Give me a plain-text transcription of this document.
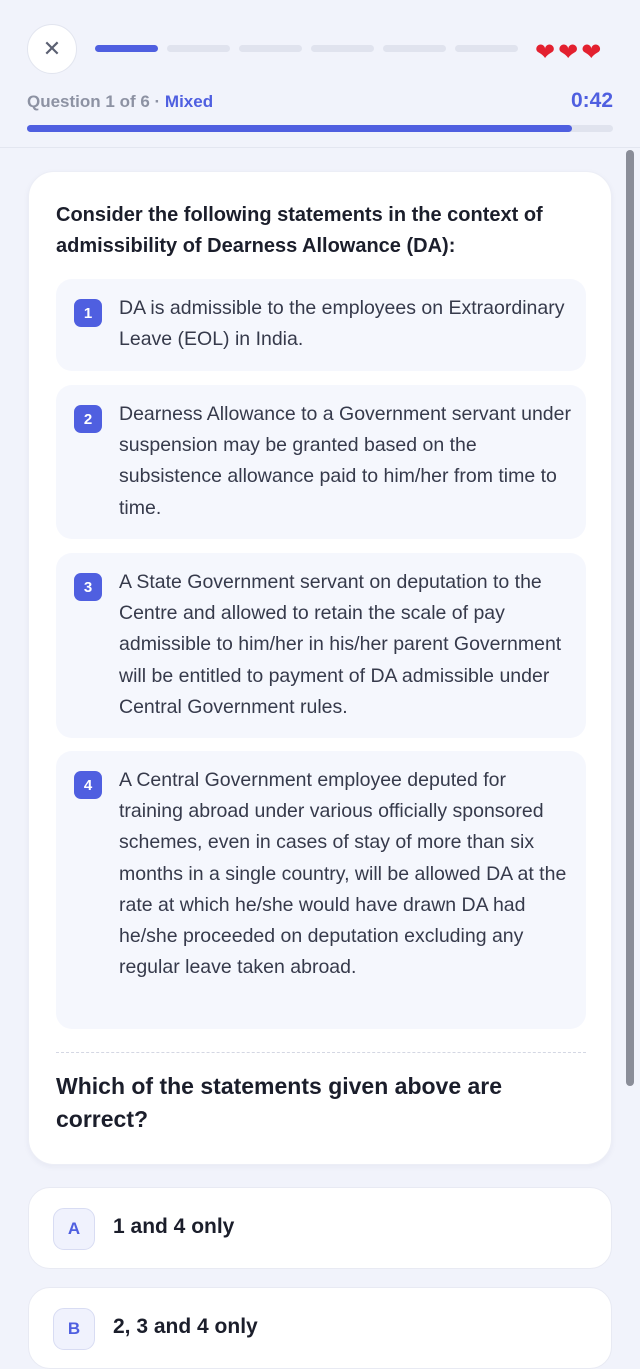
✕	❤ ❤ ❤
Question 1 of 6 · Mixed	0:42
Consider the following statements in the context of admissibility of Dearness Allowance (DA):
1	DA is admissible to the employees on Extraordinary Leave (EOL) in India.
2	Dearness Allowance to a Government servant under suspension may be granted based on the subsistence allowance paid to him/her from time to time.
3	A State Government servant on deputation to the Centre and allowed to retain the scale of pay admissible to him/her in his/her parent Government will be entitled to payment of DA admissible under Central Government rules.
4	A Central Government employee deputed for training abroad under various officially sponsored schemes, even in cases of stay of more than six months in a single country, will be allowed DA at the rate at which he/she would have drawn DA had he/she proceeded on deputation excluding any regular leave taken abroad.
Which of the statements given above are correct?
A	1 and 4 only
B	2, 3 and 4 only
